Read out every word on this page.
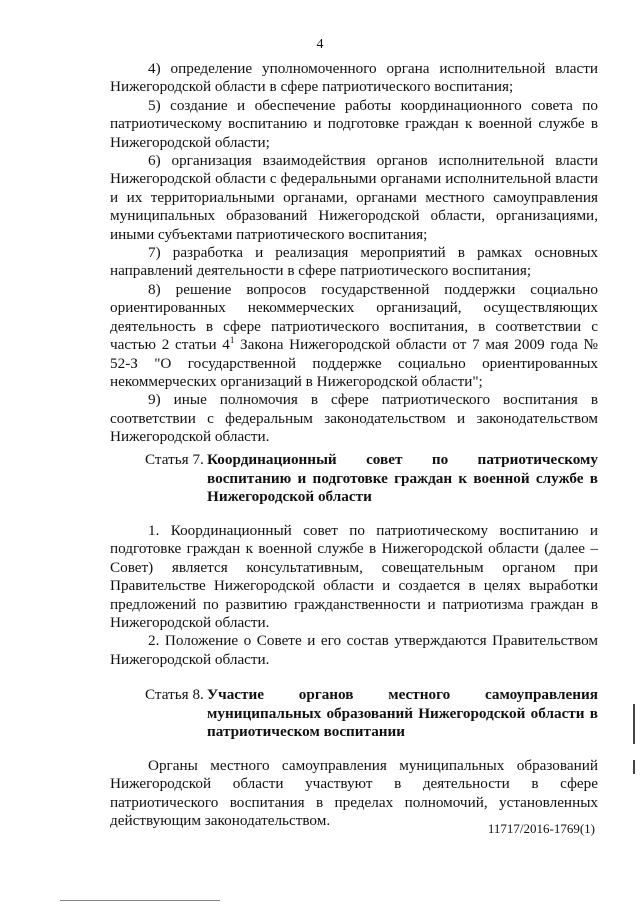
4

4) определение уполномоченного органа исполнительной власти Нижегородской области в сфере патриотического воспитания;

5) создание и обеспечение работы координационного совета по патриотическому воспитанию и подготовке граждан к военной службе в Нижегородской области;

6) организация взаимодействия органов исполнительной власти Нижегородской области с федеральными органами исполнительной власти и их территориальными органами, органами местного самоуправления муниципальных образований Нижегородской области, организациями, иными субъектами патриотического воспитания;

7) разработка и реализация мероприятий в рамках основных направлений деятельности в сфере патриотического воспитания;

8) решение вопросов государственной поддержки социально ориентированных некоммерческих организаций, осуществляющих деятельность в сфере патриотического воспитания, в соответствии с частью 2 статьи $4^1$ Закона Нижегородской области от 7 мая 2009 года № 52-З "О государственной поддержке социально ориентированных некоммерческих организаций в Нижегородской области";

9) иные полномочия в сфере патриотического воспитания в соответствии с федеральным законодательством и законодательством Нижегородской области.

Статья 7. Координационный совет по патриотическому воспитанию и подготовке граждан к военной службе в Нижегородской области

1. Координационный совет по патриотическому воспитанию и подготовке граждан к военной службе в Нижегородской области (далее – Совет) является консультативным, совещательным органом при Правительстве Нижегородской области и создается в целях выработки предложений по развитию гражданственности и патриотизма граждан в Нижегородской области.

2. Положение о Совете и его состав утверждаются Правительством Нижегородской области.

Статья 8. Участие органов местного самоуправления муниципальных образований Нижегородской области в патриотическом воспитании

Органы местного самоуправления муниципальных образований Нижегородской области участвуют в деятельности в сфере патриотического воспитания в пределах полномочий, установленных действующим законодательством.	11717/2016-1769(1)
